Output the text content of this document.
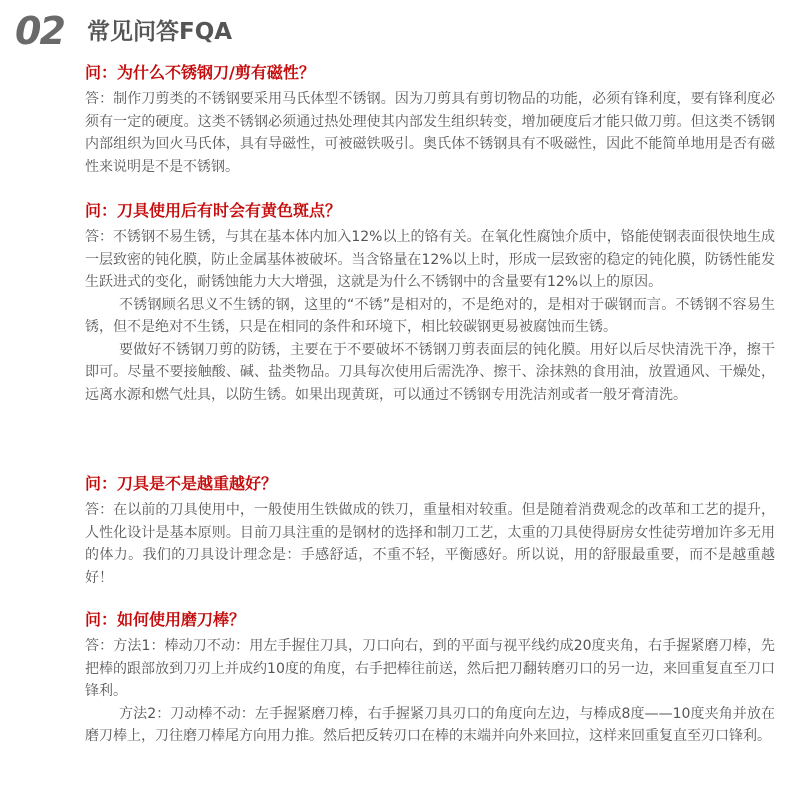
02 常见问答FQA
问：为什么不锈钢刀/剪有磁性？

答：制作刀剪类的不锈钢要采用马氏体型不锈钢。因为刀剪具有剪切物品的功能，必须有锋利度，要有锋利度必须有一定的硬度。这类不锈钢必须通过热处理使其内部发生组织转变，增加硬度后才能只做刀剪。但这类不锈钢内部组织为回火马氏体，具有导磁性，可被磁铁吸引。奥氏体不锈钢具有不吸磁性，因此不能简单地用是否有磁性来说明是不是不锈钢。

问：刀具使用后有时会有黄色斑点？

答：不锈钢不易生锈，与其在基本体内加入12%以上的铬有关。在氧化性腐蚀介质中，铬能使钢表面很快地生成一层致密的钝化膜，防止金属基体被破坏。当含铬量在12%以上时，形成一层致密的稳定的钝化膜，防锈性能发生跃进式的变化，耐锈蚀能力大大增强，这就是为什么不锈钢中的含量要有12%以上的原因。

不锈钢顾名思义不生锈的钢，这里的“不锈”是相对的，不是绝对的，是相对于碳钢而言。不锈钢不容易生锈，但不是绝对不生锈，只是在相同的条件和环境下，相比较碳钢更易被腐蚀而生锈。

要做好不锈钢刀剪的防锈，主要在于不要破坏不锈钢刀剪表面层的钝化膜。用好以后尽快清洗干净，擦干即可。尽量不要接触酸、碱、盐类物品。刀具每次使用后需洗净、擦干、涂抹熟的食用油，放置通风、干燥处，远离水源和燃气灶具，以防生锈。如果出现黄斑，可以通过不锈钢专用洗洁剂或者一般牙膏清洗。

问：刀具是不是越重越好？

答：在以前的刀具使用中，一般使用生铁做成的铁刀，重量相对较重。但是随着消费观念的改革和工艺的提升，人性化设计是基本原则。目前刀具注重的是钢材的选择和制刀工艺，太重的刀具使得厨房女性徒劳增加许多无用的体力。我们的刀具设计理念是：手感舒适，不重不轻，平衡感好。所以说，用的舒服最重要，而不是越重越好！

问：如何使用磨刀棒？

答：方法1：棒动刀不动：用左手握住刀具，刀口向右，到的平面与视平线约成20度夹角，右手握紧磨刀棒，先把棒的跟部放到刀刃上并成约10度的角度，右手把棒往前送，然后把刀翻转磨刃口的另一边，来回重复直至刀口锋利。

方法2：刀动棒不动：左手握紧磨刀棒，右手握紧刀具刃口的角度向左边，与棒成8度——10度夹角并放在磨刀棒上，刀往磨刀棒尾方向用力推。然后把反转刃口在棒的末端并向外来回拉，这样来回重复直至刃口锋利。
